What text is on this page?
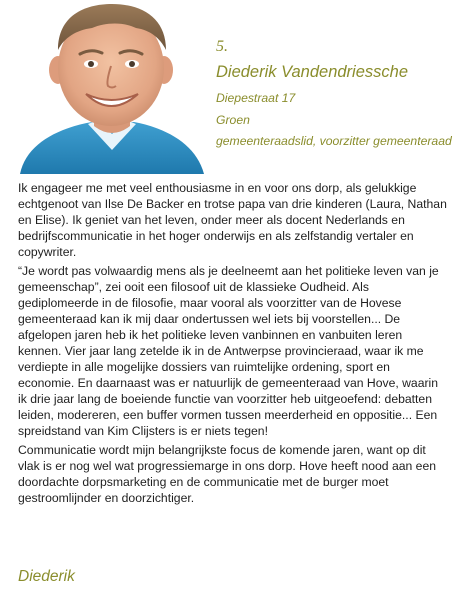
5.
Diederik Vandendriessche
Diepestraat 17
Groen
gemeenteraadslid, voorzitter gemeenteraad

Ik engageer me met veel enthousiasme in en voor ons dorp, als gelukkige echtgenoot van Ilse De Backer en trotse papa van drie kinderen (Laura, Nathan en Elise). Ik geniet van het leven, onder meer als docent Nederlands en bedrijfscommunicatie in het hoger onderwijs en als zelfstandig vertaler en copywriter.

“Je wordt pas volwaardig mens als je deelneemt aan het politieke leven van je gemeenschap”, zei ooit een filosoof uit de klassieke Oudheid. Als gediplomeerde in de filosofie, maar vooral als voorzitter van de Hovese gemeenteraad kan ik mij daar ondertussen wel iets bij voorstellen... De afgelopen jaren heb ik het politieke leven vanbinnen en vanbuiten leren kennen. Vier jaar lang zetelde ik in de Antwerpse provincieraad, waar ik me verdiepte in alle mogelijke dossiers van ruimtelijke ordening, sport en economie. En daarnaast was er natuurlijk de gemeenteraad van Hove, waarin ik drie jaar lang de boeiende functie van voorzitter heb uitgeoefend: debatten leiden, modereren, een buffer vormen tussen meerderheid en oppositie... Een spreidstand van Kim Clijsters is er niets tegen!

Communicatie wordt mijn belangrijkste focus de komende jaren, want op dit vlak is er nog wel wat progressiemarge in ons dorp. Hove heeft nood aan een doordachte dorpsmarketing en de communicatie met de burger moet gestroomlijnder en doorzichtiger.

Diederik
